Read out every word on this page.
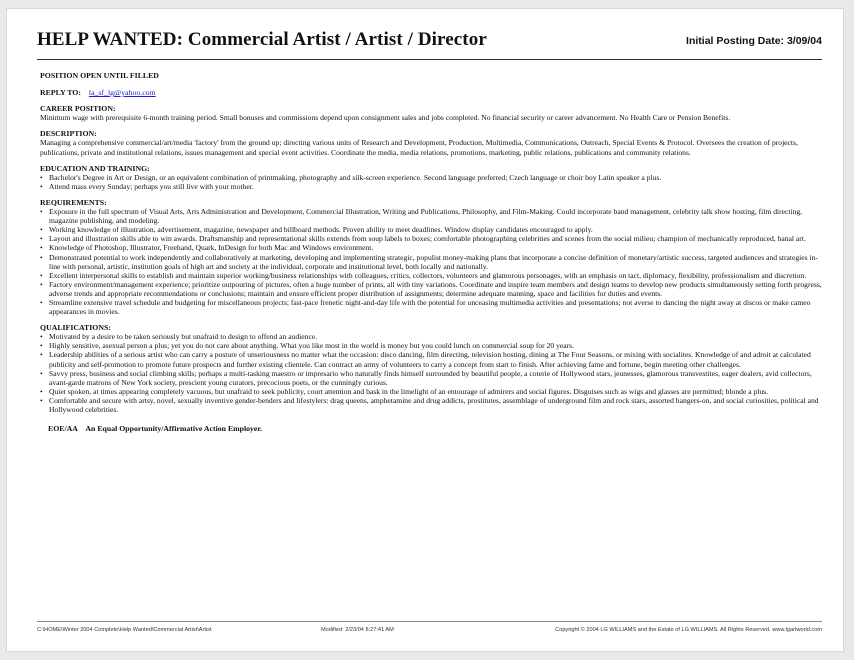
HELP WANTED: Commercial Artist / Artist / Director	Initial Posting Date: 3/09/04
POSITION OPEN UNTIL FILLED
REPLY TO: la_sf_lg@yahoo.com
CAREER POSITION:

Minimum wage with prerequisite 6-month training period. Small bonuses and commissions depend upon consignment sales and jobs completed. No financial security or career advancement. No Health Care or Pension Benefits.

DESCRIPTION:

Managing a comprehensive commercial/art/media 'factory' from the ground up; directing various units of Research and Development, Production, Multimedia, Communications, Outreach, Special Events & Protocol. Oversees the creation of projects, publications, private and institutional relations, issues management and special event activities. Coordinate the media, media relations, promotions, marketing, public relations, publications and community relations.

EDUCATION AND TRAINING:
• Bachelor's Degree in Art or Design, or an equivalent combination of printmaking, photography and silk-screen experience. Second language preferred; Czech language or choir boy Latin speaker a plus.
• Attend mass every Sunday; perhaps you still live with your mother.
REQUIREMENTS:
• Exposure in the full spectrum of Visual Arts, Arts Administration and Development, Commercial Illustration, Writing and Publications, Philosophy, and Film-Making. Could incorporate band management, celebrity talk show hosting, film directing, magazine publishing, and modeling.
• Working knowledge of illustration, advertisement, magazine, newspaper and billboard methods. Proven ability to meet deadlines. Window display candidates encouraged to apply.
• Layout and illustration skills able to win awards. Draftsmanship and representational skills extends from soup labels to boxes; comfortable photographing celebrities and scenes from the social milieu; champion of mechanically reproduced, banal art.
• Knowledge of Photoshop, Illustrator, Freehand, Quark, InDesign for both Mac and Windows environment.
• Demonstrated potential to work independently and collaboratively at marketing, developing and implementing strategic, populist money-making plans that incorporate a concise definition of monetary/artistic success, targeted audiences and strategies in-line with personal, artistic, institution goals of high art and society at the individual, corporate and institutional level, both locally and nationally.
• Excellent interpersonal skills to establish and maintain superior working/business relationships with colleagues, critics, collectors, volunteers and glamorous personages, with an emphasis on tact, diplomacy, flexibility, professionalism and discretion.
• Factory environment/management experience; prioritize outpouring of pictures, often a huge number of prints, all with tiny variations. Coordinate and inspire team members and design teams to develop new products simultaneously setting forth progress, adverse trends and appropriate recommendations or conclusions; maintain and ensure efficient proper distribution of assignments; determine adequate manning, space and facilities for duties and events.
• Streamline extensive travel schedule and budgeting for miscellaneous projects; fast-pace frenetic night-and-day life with the potential for unceasing multimedia activities and presentations; not averse to dancing the night away at discos or make cameo appearances in movies.
QUALIFICATIONS:
• Motivated by a desire to be taken seriously but unafraid to design to offend an audience.
• Highly sensitive, asexual person a plus; yet you do not care about anything. What you like most in the world is money but you could lunch on commercial soup for 20 years.
• Leadership abilities of a serious artist who can carry a posture of unseriousness no matter what the occasion: disco dancing, film directing, television hosting, dining at The Four Seasons, or mixing with socialites. Knowledge of and adroit at calculated publicity and self-promotion to promote future prospects and further existing clientele. Can contract an army of volunteers to carry a concept from start to finish. After achieving fame and fortune, begin meeting other challenges.
• Savvy press, business and social climbing skills; perhaps a multi-tasking maestro or impresario who naturally finds himself surrounded by beautiful people, a coterie of Hollywood stars, jeunesses, glamorous transvestites, eager dealers, avid collectors, avant-garde matrons of New York society, prescient young curators, precocious poets, or the cunningly curious.
• Quiet spoken, at times appearing completely vacuous, but unafraid to seek publicity, court attention and bask in the limelight of an entourage of admirers and social figures. Disguises such as wigs and glasses are permitted; blonde a plus.
• Comfortable and secure with artsy, novel, sexually inventive gender-benders and lifestylers: drag queens, amphetamine and drug addicts, prostitutes, assemblage of underground film and rock stars, assorted hangers-on, and social curiosities, political and Hollywood celebrities.
EOE/AA An Equal Opportunity/Affirmative Action Employer.
C:\HOME\Winter 2004 Complete\Help Wanted\Commercial Artist\Artist	Modified: 2/23/04 8:27:41 AM	Copyright © 2004 LG WILLIAMS and the Estate of LG WILLIAMS. All Rights Reserved. www.lgartworld.com
